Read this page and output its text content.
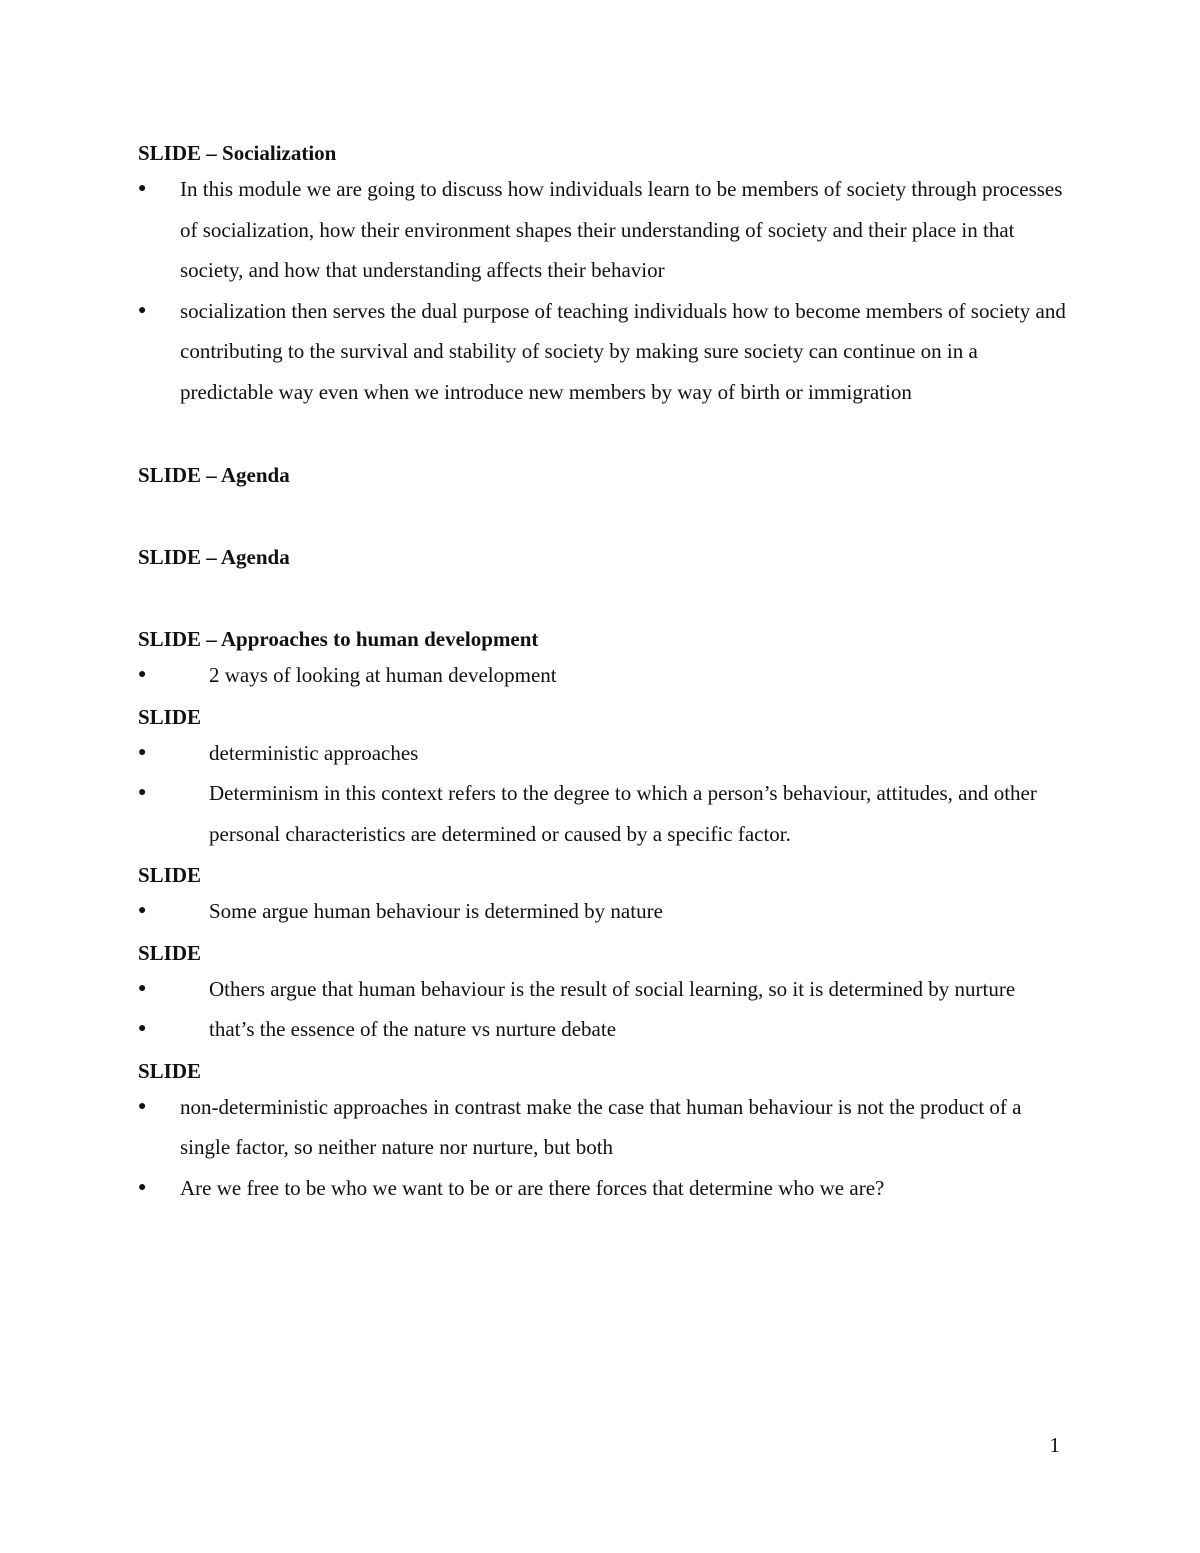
SLIDE – Socialization

●	In this module we are going to discuss how individuals learn to be members of society through processes of socialization, how their environment shapes their understanding of society and their place in that society, and how that understanding affects their behavior
●	socialization then serves the dual purpose of teaching individuals how to become members of society and contributing to the survival and stability of society by making sure society can continue on in a predictable way even when we introduce new members by way of birth or immigration

SLIDE – Agenda

SLIDE – Agenda

SLIDE – Approaches to human development

●	2 ways of looking at human development

SLIDE

●	deterministic approaches
●	Determinism in this context refers to the degree to which a person’s behaviour, attitudes, and other personal characteristics are determined or caused by a specific factor.

SLIDE

●	Some argue human behaviour is determined by nature

SLIDE

●	Others argue that human behaviour is the result of social learning, so it is determined by nurture
●	that’s the essence of the nature vs nurture debate

SLIDE

●	non-deterministic approaches in contrast make the case that human behaviour is not the product of a single factor, so neither nature nor nurture, but both
●	Are we free to be who we want to be or are there forces that determine who we are?
1
